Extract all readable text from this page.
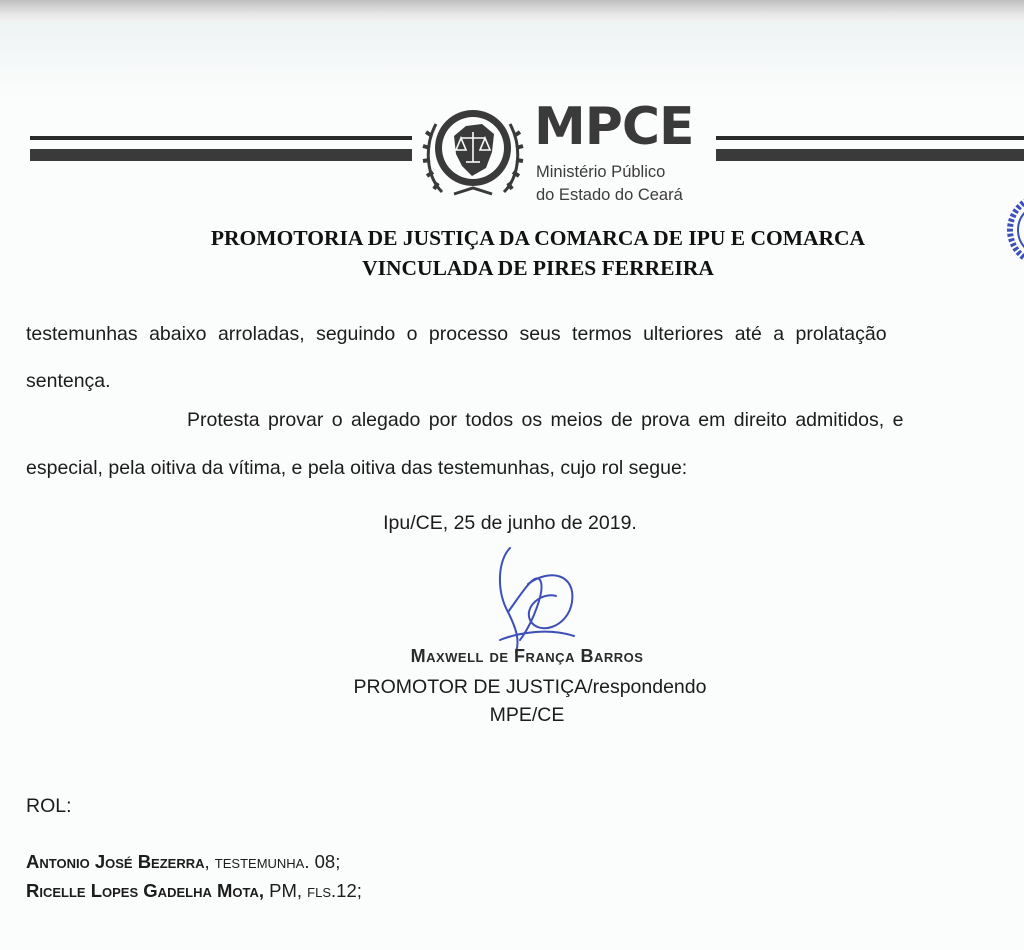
MPCE
Ministério Público
do Estado do Ceará
PROMOTORIA DE JUSTIÇA DA COMARCA DE IPU E COMARCA
VINCULADA DE PIRES FERREIRA
testemunhas abaixo arroladas, seguindo o processo seus termos ulteriores até a prolatação
sentença.
Protesta provar o alegado por todos os meios de prova em direito admitidos, e
especial, pela oitiva da vítima, e pela oitiva das testemunhas, cujo rol segue:
Ipu/CE, 25 de junho de 2019.
Maxwell de França Barros
PROMOTOR DE JUSTIÇA/respondendo
MPE/CE
ROL:
Antonio José Bezerra, testemunha. 08;
Ricelle Lopes Gadelha Mota, PM, fls.12;
